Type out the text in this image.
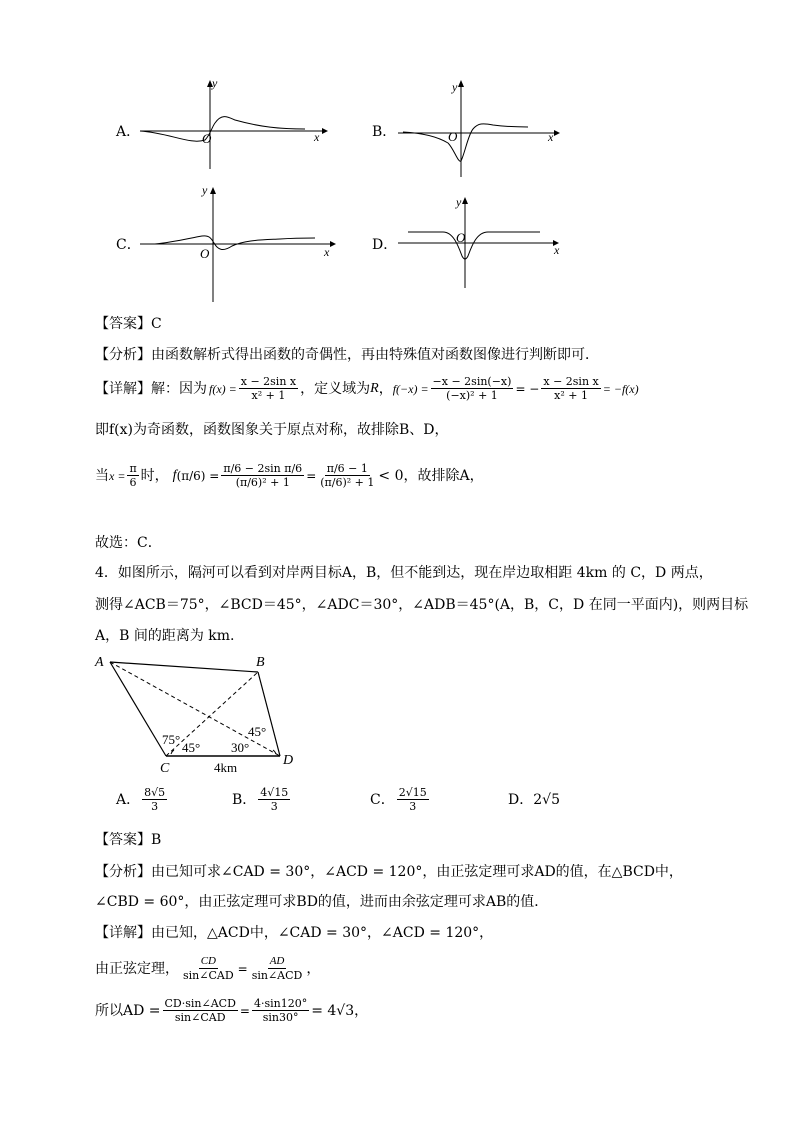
A．	O
y
x	B．	O
y
x
C．
O
y
x	D．	O
y
x
【答案】C
【分析】由函数解析式得出函数的奇偶性，再由特殊值对函数图像进行判断即可．
【详解】 解：因为 $f(x) = \frac{\text{x − 2sin x}}{\text{x² + 1}}$ ，定义域为 R ， $f(-x) = \frac{-x - 2\sin(-x)}{\text{(−x)² + 1}}$ = − $\frac{\text{x − 2sin x}}{\text{x² + 1}} = -f(x)$
即f(x)为奇函数，函数图象关于原点对称，故排除B、D，
当 $x = \frac{\pi}{6}$ 时， f $(\pi/6) = \frac{\text{π/6 − 2sin π/6}}{\text{(π/6)² + 1}} = \frac{\pi/6 - 1}{\text{(π/6)² + 1}} < 0$，故排除A，
故选：C．
4．如图所示，隔河可以看到对岸两目标A，B，但不能到达，现在岸边取相距 4km 的 C，D 两点，
测得∠ACB＝75°，∠BCD＝45°，∠ADC＝30°，∠ADB＝45°(A，B，C，D 在同一平面内)，则两目标
A，B 间的距离为 km.
A	B
C
D
75°
45° 30°
45°
4km
A． $\frac{8√5}{3}$	B． $\frac{4√15}{3}$	C． $\frac{2√15}{3}$	D．2√5
【答案】B
【分析】由已知可求∠CAD = 30°，∠ACD = 120°，由正弦定理可求AD的值，在△BCD中，
∠CBD = 60°，由正弦定理可求BD的值，进而由余弦定理可求AB的值．
【详解】由已知，△ACD中，∠CAD = 30°，∠ACD = 120°，
由正弦定理， $\frac{CD}{\text{sin∠CAD}} = \frac{AD}{\text{sin∠ACD}}$ ，
所以AD = $\frac{\text{CD·sin∠ACD}}{\text{sin∠CAD}} = \frac{4\cdot\sin 120^\circ}{\sin 30^\circ} = 4√3$，
